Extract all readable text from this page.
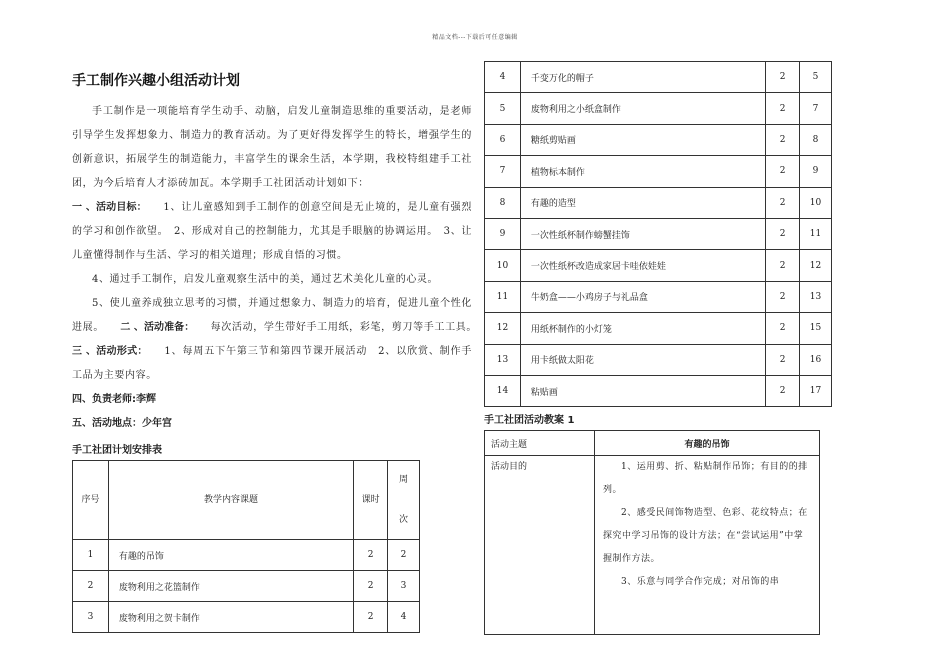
精品文档---下载后可任意编辑
手工制作兴趣小组活动计划

手工制作是一项能培育学生动手、动脑，启发儿童制造思维的重要活动，是老师引导学生发挥想象力、制造力的教育活动。为了更好得发挥学生的特长，增强学生的创新意识，拓展学生的制造能力，丰富学生的课余生活，本学期，我校特组建手工社团，为今后培育人才添砖加瓦。本学期手工社团活动计划如下：

一 、活动目标：　　 1、让儿童感知到手工制作的创意空间是无止境的，是儿童有强烈的学习和创作欲望。　2、形成对自己的控制能力，尤其是手眼脑的协调运用。　3、让儿童懂得制作与生活、学习的相关道理；形成自悟的习惯。

4、通过手工制作，启发儿童观察生活中的美，通过艺术美化儿童的心灵。

5、使儿童养成独立思考的习惯，并通过想象力、制造力的培育，促进儿童个性化进展。　　 二 、活动准备：　　 每次活动，学生带好手工用纸，彩笔，剪刀等手工工具。　　三 、活动形式：　　 1、每周五下午第三节和第四节课开展活动　2、以欣赏、制作手工品为主要内容。

四、负责老师:李辉

五、活动地点：少年宫

手工社团计划安排表
序号	教学内容课题	课时	周

次
1	有趣的吊饰	2	2
2	废物利用之花篮制作	2	3
3	废物利用之贺卡制作	2	4
4	千变万化的帽子	2	5
5	废物利用之小纸盒制作	2	7
6	糖纸剪贴画	2	8
7	植物标本制作	2	9
8	有趣的造型	2	10
9	一次性纸杯制作螃蟹挂饰	2	11
10	一次性纸杯改造成家居卡哇依娃娃	2	12
11	牛奶盒——小鸡房子与礼品盒	2	13
12	用纸杯制作的小灯笼	2	15
13	用卡纸做太阳花	2	16
14	粘贴画	2	17
手工社团活动教案 1
活动主题	有趣的吊饰
活动目的	1、运用剪、折、粘贴制作吊饰；有目的的排列。

2、感受民间饰物造型、色彩、花纹特点；在探究中学习吊饰的设计方法；在“尝试运用”中掌握制作方法。

3、乐意与同学合作完成；对吊饰的串
